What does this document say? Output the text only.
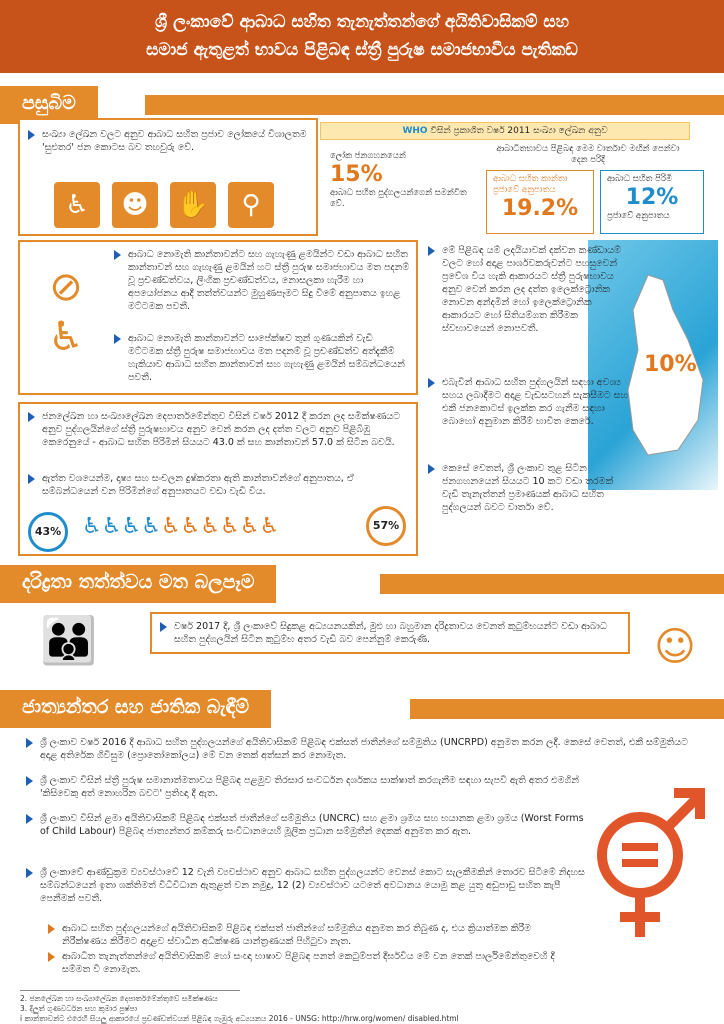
ශ්‍රී ලංකාවේ ආබාධ සහිත තැනැත්තන්ගේ අයිතිවාසිකම් සහ
සමාජ ඇතුළත් භාවය පිළිබඳ ස්ත්‍රී පුරුෂ සමාජභාවීය පැතිකඩ
පසුබිම
සංඛ්‍යා ලේඛන වලට අනුව ආබාධ සහිත ප්‍රජාව ලෝකයේ විශාලතම 'සුළුතර' ජන කොටස බව තහවුරු වේ.
♿	☻	✋	⚲
WHO විසින් ප්‍රකාශිත වර්ෂ 2011 සංඛ්‍යා ලේඛන අනුව
ලෝක ජනගහනයෙන්
15%
ආබාධ සහිත පුද්ගලයන්ගෙන් සමන්විත වේ.
ආබාධිතභාවය පිළිබඳ මෙම වාර්තාව මඟින් පෙන්වා දෙන පරිදි
ආබාධ සහිත කාන්තා ප්‍රජාවේ අනුපාතය
19.2%
ආබාධ සහිත පිරිමි
12%
ප්‍රජාවේ අනුපාතය
⊘
♿
ආබාධ නොමැති කාන්තාවන්ට සහ ගැහැණු ළමයින්ට වඩා ආබාධ සහිත කාන්තාවන් සහ ගැහැණු ළමයින් හට ස්ත්‍රී පුරුෂ සමාජභාවය මත පදනම් වූ ප්‍රචණ්ඩත්වය, ලිංගික ප්‍රචණ්ඩත්වය, නොසලකා හැරීම හා අපයෝජනය ආදී තත්ත්වයන්ට මුහුණපෑමට සිදු වීමේ අනුපාතය ඉහළ මට්ටමක පවතී.
ආබාධ නොමැති කාන්තාවන්ට සාපේක්ෂව තුන් ගුණයකින් වැඩි මට්ටමක ස්ත්‍රී පුරුෂ සමාජභාවය මත පදනම් වූ ප්‍රචණ්ඩත්ව අත්දැකීම් හැකියාව ආබාධ සහිත කාන්තාවන් සහ ගැහැණු ළමයින් සම්බන්ධයෙන් පවතී.
10%
මේ පිළිබඳ යම් ලදයියාවක් දක්වන කණ්ඩායම් වලට හෝ අදාළ පාර්ශවකරුවන්ට පහසුවෙන් ප්‍රවේශ විය හැකි ආකාරයට ස්ත්‍රී පුරුෂභාවය අනුව වෙන් කරන ලද දත්ත ඉලෙක්ට්‍රොනික නොවන අන්දමින් හෝ ඉලෙක්ට්‍රොනික ආකාරයට හෝ සිතියම්ගත කිරීමක ස්වභාවයෙන් නොපවතී.
එබැවින් ආබාධ සහිත පුද්ගලයින් සඳහා අවශ්‍ය සහය ලබාදීමට අදාළ වැඩසටහන් සැකසීමට සහ එකී ජනකොටස් ඉලක්ක කර ගැනීම සඳහා බොහෝ අනුමාන කිරීම් භාවිත කෙරේ.
කෙසේ වෙතත්, ශ්‍රී ලංකාව තුළ සිටින ජනගහනයෙන් සියයට 10 කට වඩා තරමක් වැඩි තැනැත්තන් ප්‍රමාණයක් ආබාධ සහිත පුද්ගලයන් බවට වාර්තා වේ.
ජනලේඛන හා සංඛ්‍යාලේඛන දෙපාර්තමේන්තුව විසින් වර්ෂ 2012 දී කරන ලද සමීක්ෂණයට අනුව පුද්ගලයින්ගේ ස්ත්‍රී පුරුෂභාවය අනුව වෙන් කරන ලද දත්ත වලට අනුව පිළිබිඹු කෙරෙනුයේ - ආබාධ සහිත පිරිමින් සියයට 43.0 ක් සහ කාන්තාවන් 57.0 ක් සිටින බවයි.
ඇත්ත වශයෙන්ම, දෘෂ්‍ය සහ සංචලන දුෂ්කරතා ඇති කාන්තාවන්ගේ අනුපාතය, ඒ සම්බන්ධයෙන් වන පිරිමින්ගේ අනුපාතයට වඩා වැඩි විය.
43% ♿♿♿♿♿♿♿♿♿♿	57%
දරිද්‍රතා තත්ත්වය මත බලපෑම
👪	වර්ෂ 2017 දී, ශ්‍රී ලංකාවේ සිදුකළ අධ්‍යයනයකින්, මුළු හා බහුමාන දරිද්‍රතාවය වෙනත් කුටුම්භයන්ට වඩා ආබාධ සහිත පුද්ගලයින් සිටින කුටුම්භ අතර වැඩි බව පෙන්නුම් කෙරුණි.	☺
ජාත්‍යන්තර සහ ජාතික බැඳීම්
ශ්‍රී ලංකාව වර්ෂ 2016 දී ආබාධ සහිත පුද්ගලයන්ගේ අයිතිවාසිකම් පිළිබඳ එක්සත් ජාතීන්ගේ සම්මුතිය (UNCRPD) අනුමත කරන ලදී. කෙසේ වෙතත්, එකී සම්මුතියට අදාළ අතිරේක ගිවිසුම (ප්‍රොතෝකෝලය) මේ වන තෙක් අත්සන් කර නොමැත.
ශ්‍රී ලංකාව විසින් ස්ත්‍රී පුරුෂ සමානාත්මතාවය පිළිබඳ පළමුව තිරසාර සංවර්ධන දර්ශකය සාක්ෂාත් කරගැනීම සඳහා සැපවී ඇති අතර එමගින් 'කිසිවෙකු අත් නොහරින බවට' ප්‍රතිඥා දී ඇත.
ශ්‍රී ලංකාව විසින් ළමා අයිතිවාසිකම් පිළිබඳ එක්සත් ජාතීන්ගේ සම්මුතිය (UNCRC) සහ ළමා ශ්‍රමය සහ භයානක ළමා ශ්‍රමය (Worst Forms of Child Labour) පිළිබඳ ජාත්‍යන්තර කම්කරු සංවිධානයෙහි මූලික ප්‍රධාන සම්මුතීන් දෙකක් අනුමත කර ඇත.
ශ්‍රී ලංකාවේ ආණ්ඩුක්‍රම ව්‍යවස්ථාවේ 12 වැනි ව්‍යවස්ථාව අනුව ආබාධ සහිත පුද්ගලයන්ට වෙනස් කොට සැලකීමකින් තොරව සිටීමේ නිදහස සම්බන්ධයෙන් ඉතා ශක්තිමත් විධිවිධාන ඇතුළත් වන නමුදු, 12 (2) ව්‍යවස්ථාව යටතේ අවධානය යොමු කළ යුතු අඩුපාඩු සහිත කැපී පෙනීමක් පවතී.
ආබාධ සහිත පුද්ගලයන්ගේ අයිතිවාසිකම් පිළිබඳ එක්සත් ජාතීන්ගේ සම්මුතිය අනුමත කර තිබුණ ද, එය ක්‍රියාත්මක කිරීම නිරීක්ෂණය කිරීමට අදාළව ස්වාධීන අධීක්ෂණ යාන්ත්‍රණයක් පිහිටුවා නැත.
ආබාධිත තැනැත්තන්ගේ අයිතිවාසිකම් හෝ සංඥා භාෂාව පිළිබඳ පනත් කෙටුම්පත් දීර්ඝවිය මේ වන තෙක් පාර්ලිමේන්තුවෙහි දී සම්මත වී නොමැත.
2. ජනලේඛන හා සංඛ්‍යාලේඛන දෙපාර්තමේන්තුවේ සමීක්ෂණය
3. දිලුත් ගුණවර්ධන සහ කුමාර පුෂ්පා
i කාන්තාවන්ට එරෙහි සියලු ආකාරයේ ප්‍රචණ්ඩත්වයන් පිළිබඳ ගැඹුරු අධ්‍යයනය 2016 - UNSG: http://hrw.org/women/ disabled.html
